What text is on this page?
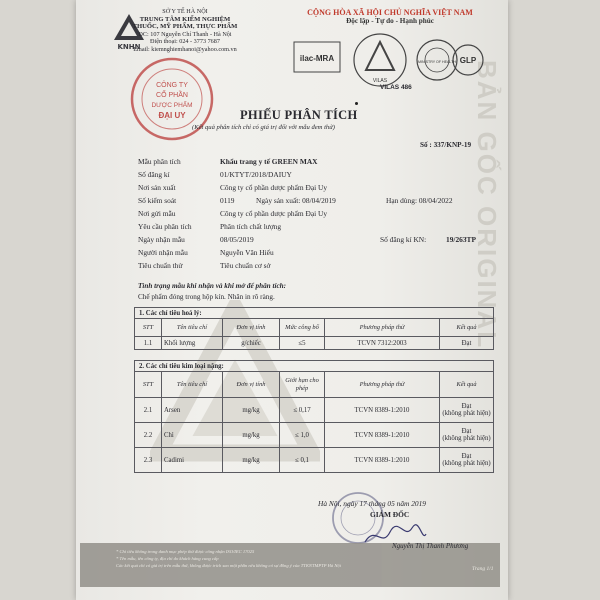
BẢN GỐC ORIGINAL
KNHN
SỞ Y TẾ HÀ NỘI
TRUNG TÂM KIỂM NGHIỆM
THUỐC, MỸ PHẨM, THỰC PHẨM
ĐC: 107 Nguyễn Chí Thanh - Hà Nội
Điện thoại: 024 - 3773 7687
Email: kiemnghiemhanoi@yahoo.com.vn
CỘNG HÒA XÃ HỘI CHỦ NGHĨA VIỆT NAM
Độc lập - Tự do - Hạnh phúc
ilac-MRA
VILAS
MINISTRY OF HEALTH GLP
VILAS 486
CÔNG TY
CỔ PHẦN
DƯỢC PHẨM
ĐẠI UY	PHIẾU PHÂN TÍCH
(Kết quả phân tích chỉ có giá trị đối với mẫu đem thử)
Số : 337/KNP-19
Mẫu phân tích	Khẩu trang y tế GREEN MAX
Số đăng kí	01/KTYT/2018/DAIUY
Nơi sản xuất	Công ty cổ phần dược phẩm Đại Uy
Số kiểm soát	0119	Ngày sản xuất: 08/04/2019	Hạn dùng: 08/04/2022
Nơi gửi mẫu	Công ty cổ phần dược phẩm Đại Uy
Yêu cầu phân tích	Phân tích chất lượng
Ngày nhận mẫu	08/05/2019	Số đăng kí KN:	19/263TP
Người nhận mẫu	Nguyễn Văn Hiếu
Tiêu chuẩn thử	Tiêu chuẩn cơ sở
Tình trạng mẫu khi nhận và khi mở để phân tích:
Chế phẩm đóng trong hộp kín. Nhãn in rõ ràng.
1. Các chỉ tiêu hoá lý:					
STT	Tên tiêu chí	Đơn vị tính	Mức công bố	Phương pháp thử	Kết quả
1.1	Khối lượng	g/chiếc	≤5	TCVN 7312:2003	Đạt
2. Các chỉ tiêu kim loại nặng:					
STT	Tên tiêu chí	Đơn vị tính	Giới hạn cho phép	Phương pháp thử	Kết quả
2.1	Arsen	mg/kg	≤ 0,17	TCVN 8389-1:2010	Đạt
(không phát hiện)

2.2	Chì	mg/kg	≤ 1,0	TCVN 8389-1:2010	Đạt
(không phát hiện)

2.3	Cadimi	mg/kg	≤ 0,1	TCVN 8389-1:2010	Đạt
(không phát hiện)
Hà Nội, ngày 17 tháng 05 năm 2019
GIÁM ĐỐC

* Chỉ tiêu không trong danh mục phép thử được công nhận ISO/IEC 17025

* Tên mẫu, tên công ty, địa chỉ do khách hàng cung cấp

Các kết quả chỉ có giá trị trên mẫu thử, không được trích sao một phần nếu không có sự đồng ý của TTKNTMPTP Hà Nội

Nguyễn Thị Thanh Phương
Trang 1/1
